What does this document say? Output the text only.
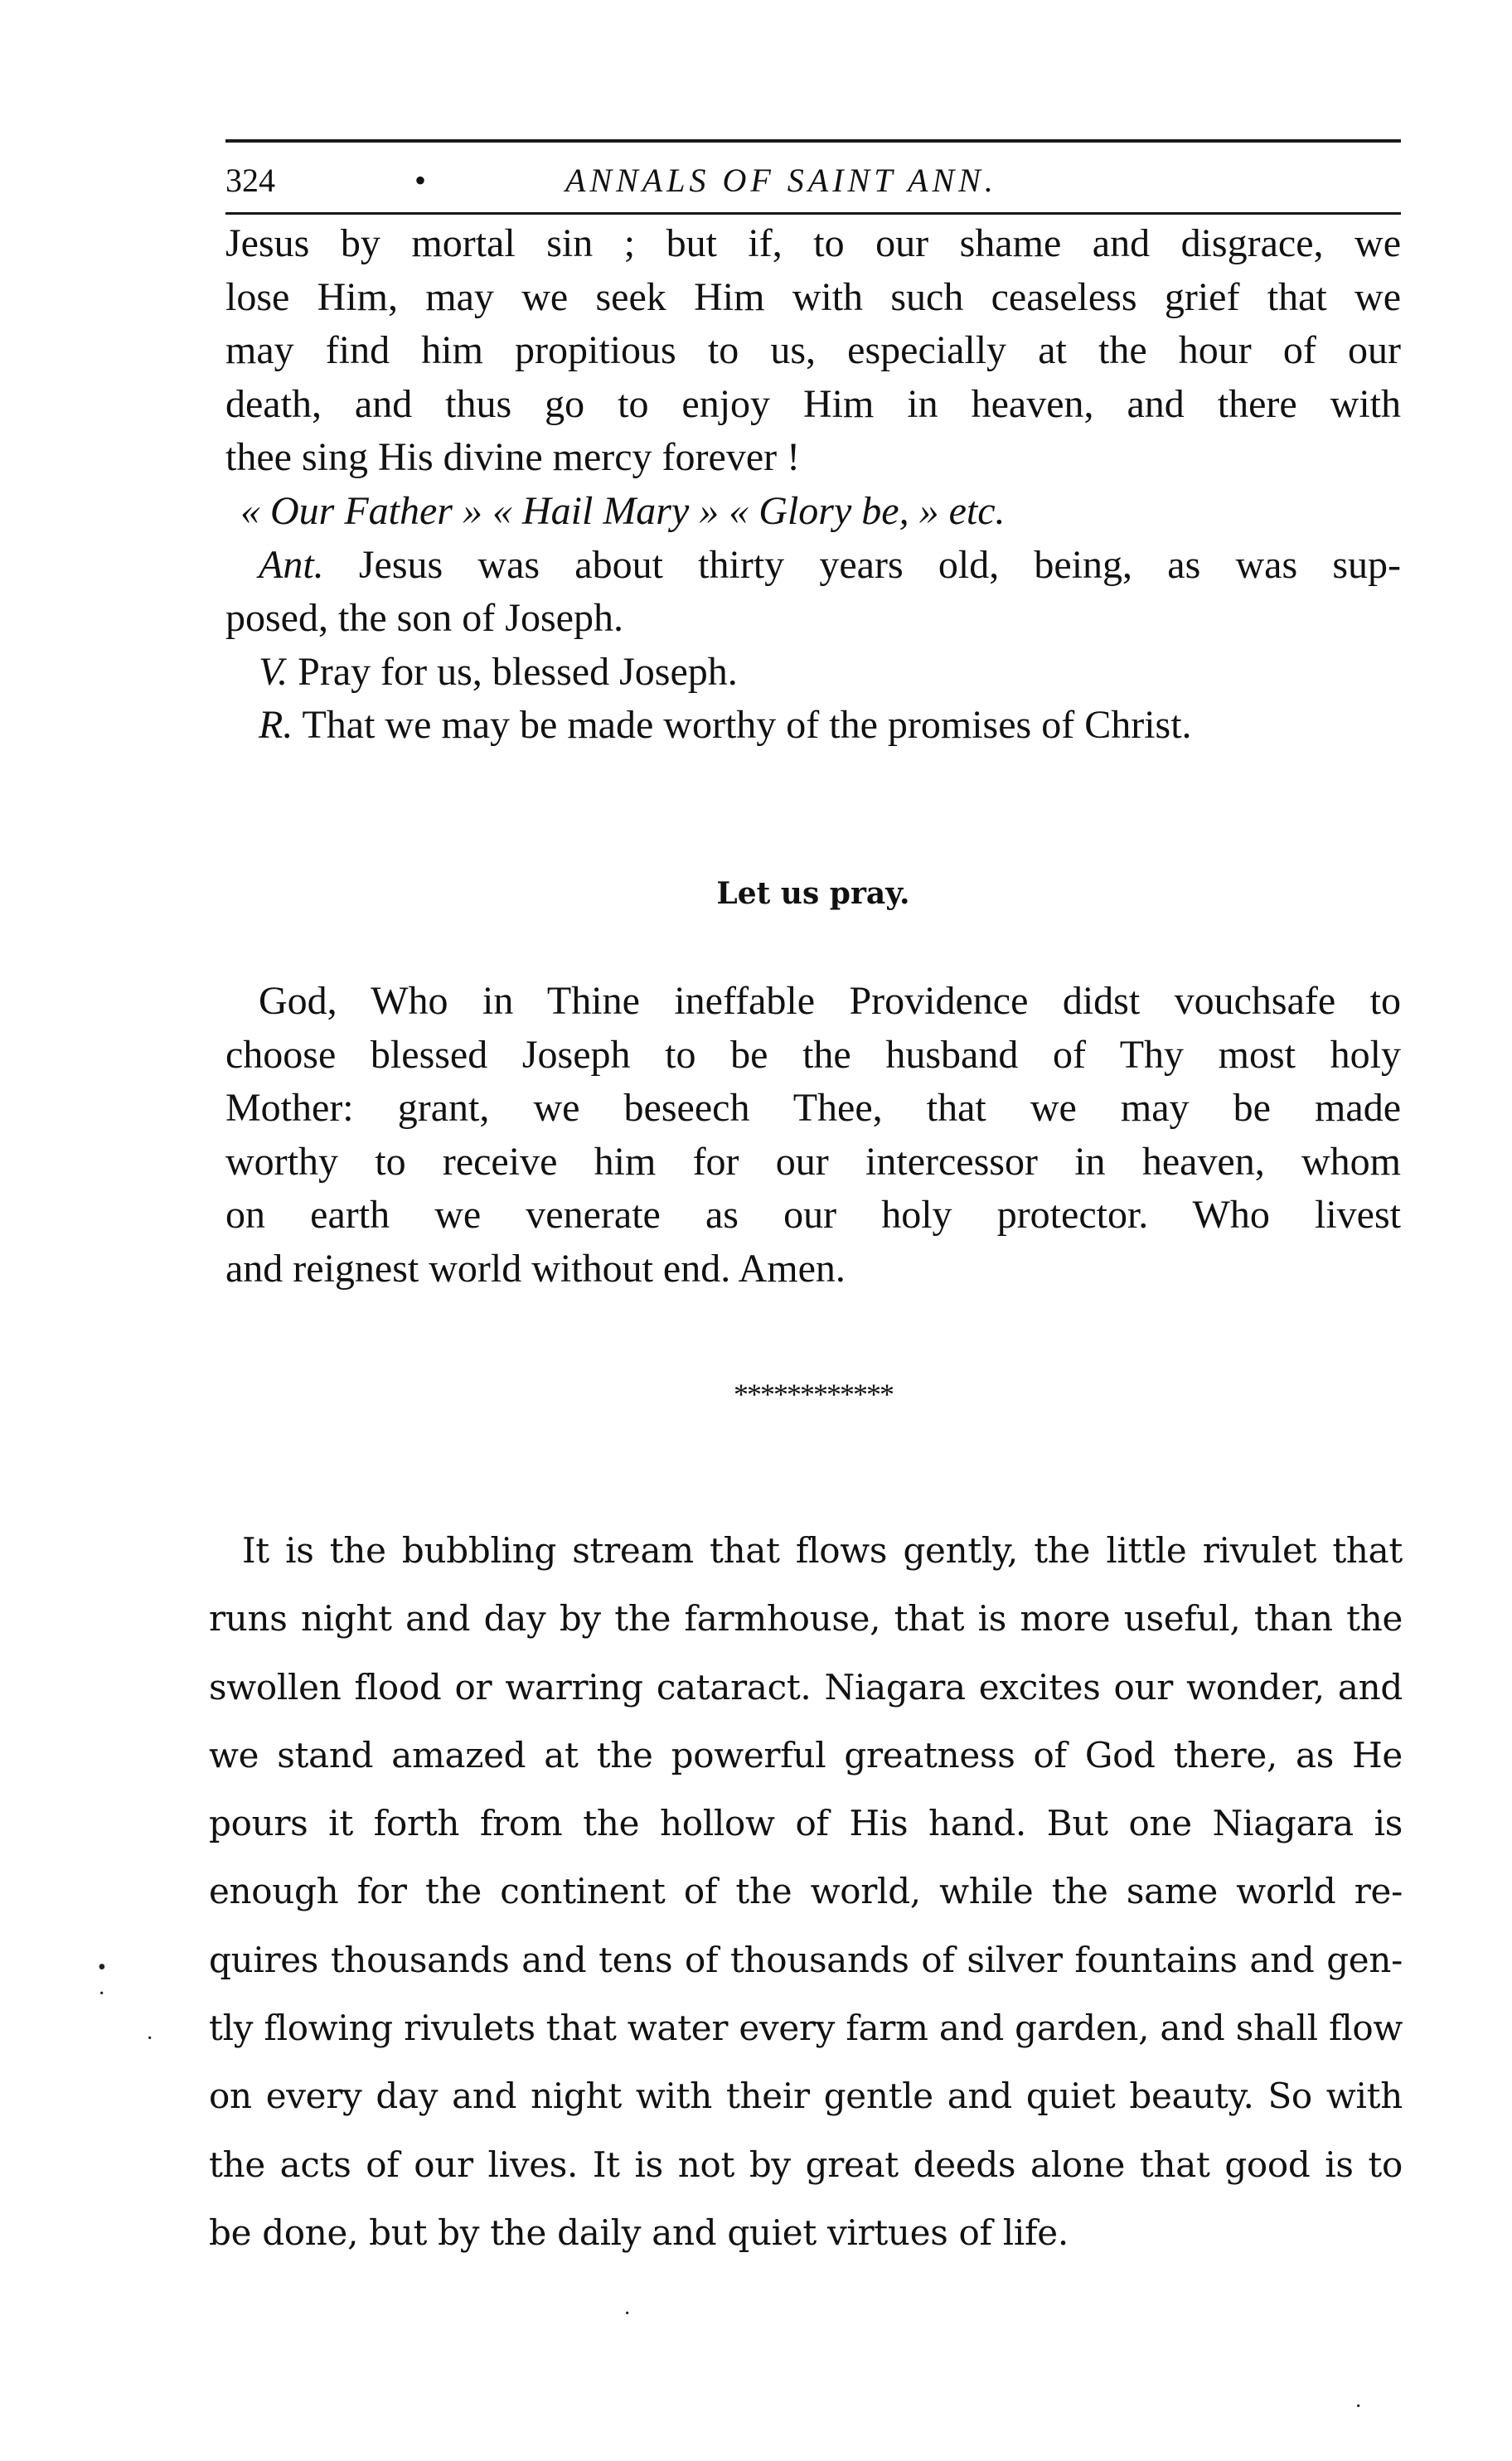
324	•	ANNALS OF SAINT ANN.
Jesus by mortal sin ; but if, to our shame and disgrace, we
lose Him, may we seek Him with such ceaseless grief that we
may find him propitious to us, especially at the hour of our
death, and thus go to enjoy Him in heaven, and there with
thee sing His divine mercy forever !
« Our Father » « Hail Mary » « Glory be, » etc.
Ant. Jesus was about thirty years old, being, as was sup-
posed, the son of Joseph.
V. Pray for us, blessed Joseph.
R. That we may be made worthy of the promises of Christ.
Let us pray.
God, Who in Thine ineffable Providence didst vouchsafe to
choose blessed Joseph to be the husband of Thy most holy
Mother: grant, we beseech Thee, that we may be made
worthy to receive him for our intercessor in heaven, whom
on earth we venerate as our holy protector. Who livest
and reignest world without end. Amen.
************
It is the bubbling stream that flows gently, the little rivulet that
runs night and day by the farmhouse, that is more useful, than the
swollen flood or warring cataract. Niagara excites our wonder, and
we stand amazed at the powerful greatness of God there, as He
pours it forth from the hollow of His hand. But one Niagara is
enough for the continent of the world, while the same world re-
quires thousands and tens of thousands of silver fountains and gen-
tly flowing rivulets that water every farm and garden, and shall flow
on every day and night with their gentle and quiet beauty. So with
the acts of our lives. It is not by great deeds alone that good is to
be done, but by the daily and quiet virtues of life.
•
·
·
·
·
